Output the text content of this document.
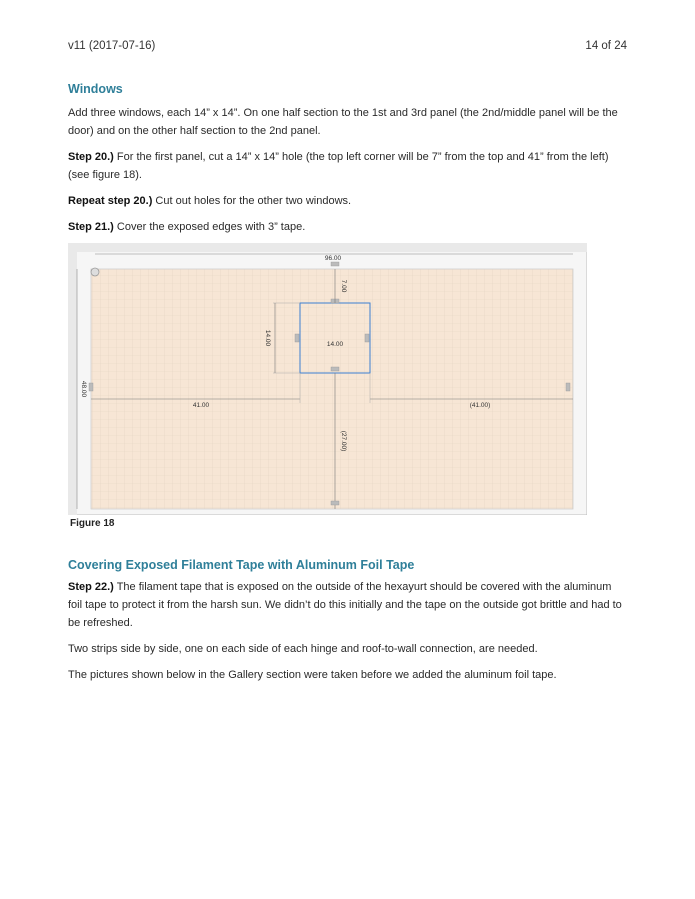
v11 (2017-07-16)	14 of 24
Windows

Add three windows, each 14” x 14”. On one half section to the 1st and 3rd panel (the 2nd/middle panel will be the door) and on the other half section to the 2nd panel.

Step 20.) For the first panel, cut a 14” x 14” hole (the top left corner will be 7” from the top and 41” from the left) (see figure 18).

Repeat step 20.) Cut out holes for the other two windows.

Step 21.) Cover the exposed edges with 3” tape.

96.00
48.00
7.00
14.00	14.00
41.00	(41.00)
(27.00)
Figure 18
Covering Exposed Filament Tape with Aluminum Foil Tape

Step 22.) The filament tape that is exposed on the outside of the hexayurt should be covered with the aluminum foil tape to protect it from the harsh sun. We didn’t do this initially and the tape on the outside got brittle and had to be refreshed.

Two strips side by side, one on each side of each hinge and roof-to-wall connection, are needed.

The pictures shown below in the Gallery section were taken before we added the aluminum foil tape.
